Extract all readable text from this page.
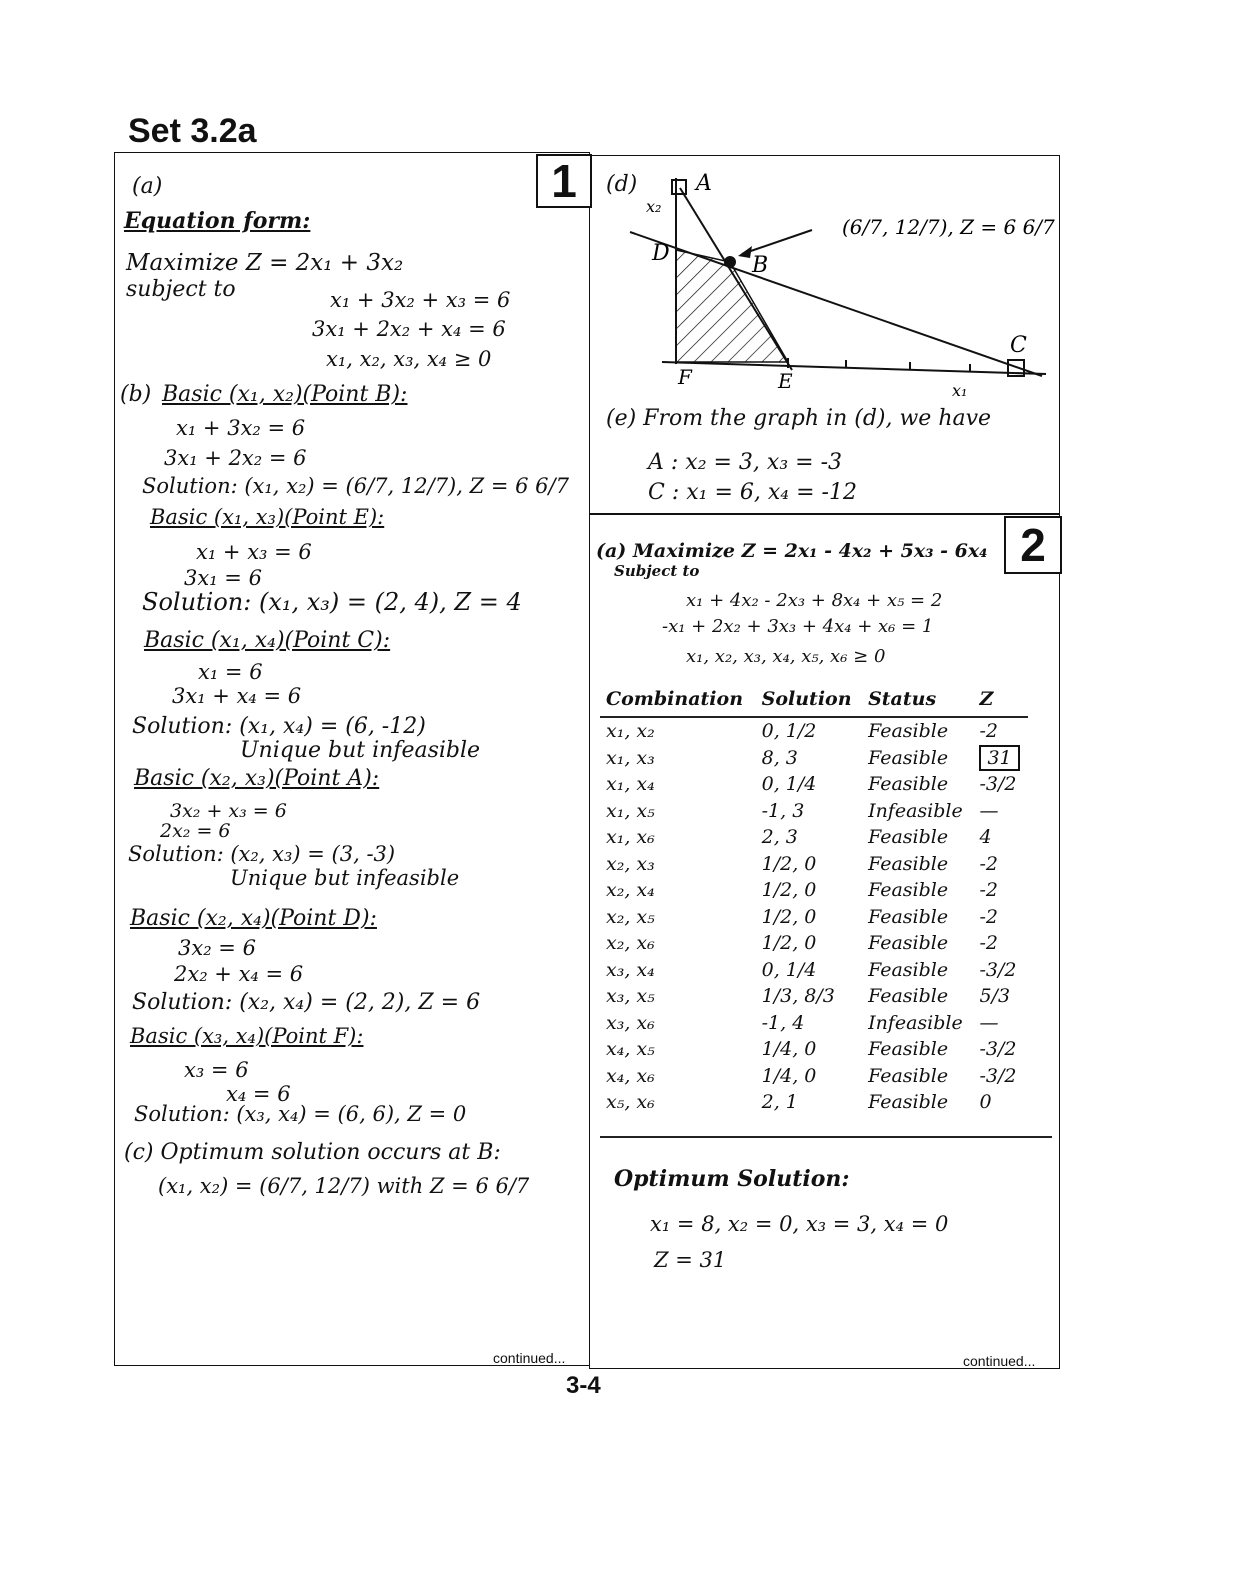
Set 3.2a
1
2
(a)
Equation form:
Maximize Z = 2x₁ + 3x₂
subject to	x₁ + 3x₂ + x₃ = 6
3x₁ + 2x₂ + x₄ = 6
x₁, x₂, x₃, x₄ ≥ 0
(b) Basic (x₁, x₂)(Point B):
x₁ + 3x₂ = 6
3x₁ + 2x₂ = 6
Solution: (x₁, x₂) = (6/7, 12/7), Z = 6 6/7
Basic (x₁, x₃)(Point E):
x₁ + x₃ = 6
3x₁ = 6
Solution: (x₁, x₃) = (2, 4), Z = 4
Basic (x₁, x₄)(Point C):
x₁ = 6
3x₁ + x₄ = 6
Solution: (x₁, x₄) = (6, -12)
Unique but infeasible
Basic (x₂, x₃)(Point A):
3x₂ + x₃ = 6
2x₂ = 6
Solution: (x₂, x₃) = (3, -3)
Unique but infeasible
Basic (x₂, x₄)(Point D):
3x₂ = 6
2x₂ + x₄ = 6
Solution: (x₂, x₄) = (2, 2), Z = 6
Basic (x₃, x₄)(Point F):
x₃ = 6
x₄ = 6
Solution: (x₃, x₄) = (6, 6), Z = 0
(c) Optimum solution occurs at B:
(x₁, x₂) = (6/7, 12/7) with Z = 6 6/7
continued...
(d)	A
B
C
D
E
F
x₂
x₁
(6/7, 12/7), Z = 6 6/7
(e) From the graph in (d), we have
A : x₂ = 3, x₃ = -3
C : x₁ = 6, x₄ = -12
(a) Maximize Z = 2x₁ - 4x₂ + 5x₃ - 6x₄
Subject to
x₁ + 4x₂ - 2x₃ + 8x₄ + x₅ = 2
-x₁ + 2x₂ + 3x₃ + 4x₄ + x₆ = 1
x₁, x₂, x₃, x₄, x₅, x₆ ≥ 0
Combination	Solution	Status	Z
x₁, x₂	0, 1/2	Feasible	-2
x₁, x₃	8, 3	Feasible	31
x₁, x₄	0, 1/4	Feasible	-3/2
x₁, x₅	-1, 3	Infeasible	—
x₁, x₆	2, 3	Feasible	4
x₂, x₃	1/2, 0	Feasible	-2
x₂, x₄	1/2, 0	Feasible	-2
x₂, x₅	1/2, 0	Feasible	-2
x₂, x₆	1/2, 0	Feasible	-2
x₃, x₄	0, 1/4	Feasible	-3/2
x₃, x₅	1/3, 8/3	Feasible	5/3
x₃, x₆	-1, 4	Infeasible	—
x₄, x₅	1/4, 0	Feasible	-3/2
x₄, x₆	1/4, 0	Feasible	-3/2
x₅, x₆	2, 1	Feasible	0
Optimum Solution:
x₁ = 8, x₂ = 0, x₃ = 3, x₄ = 0
Z = 31
continued...
3-4
